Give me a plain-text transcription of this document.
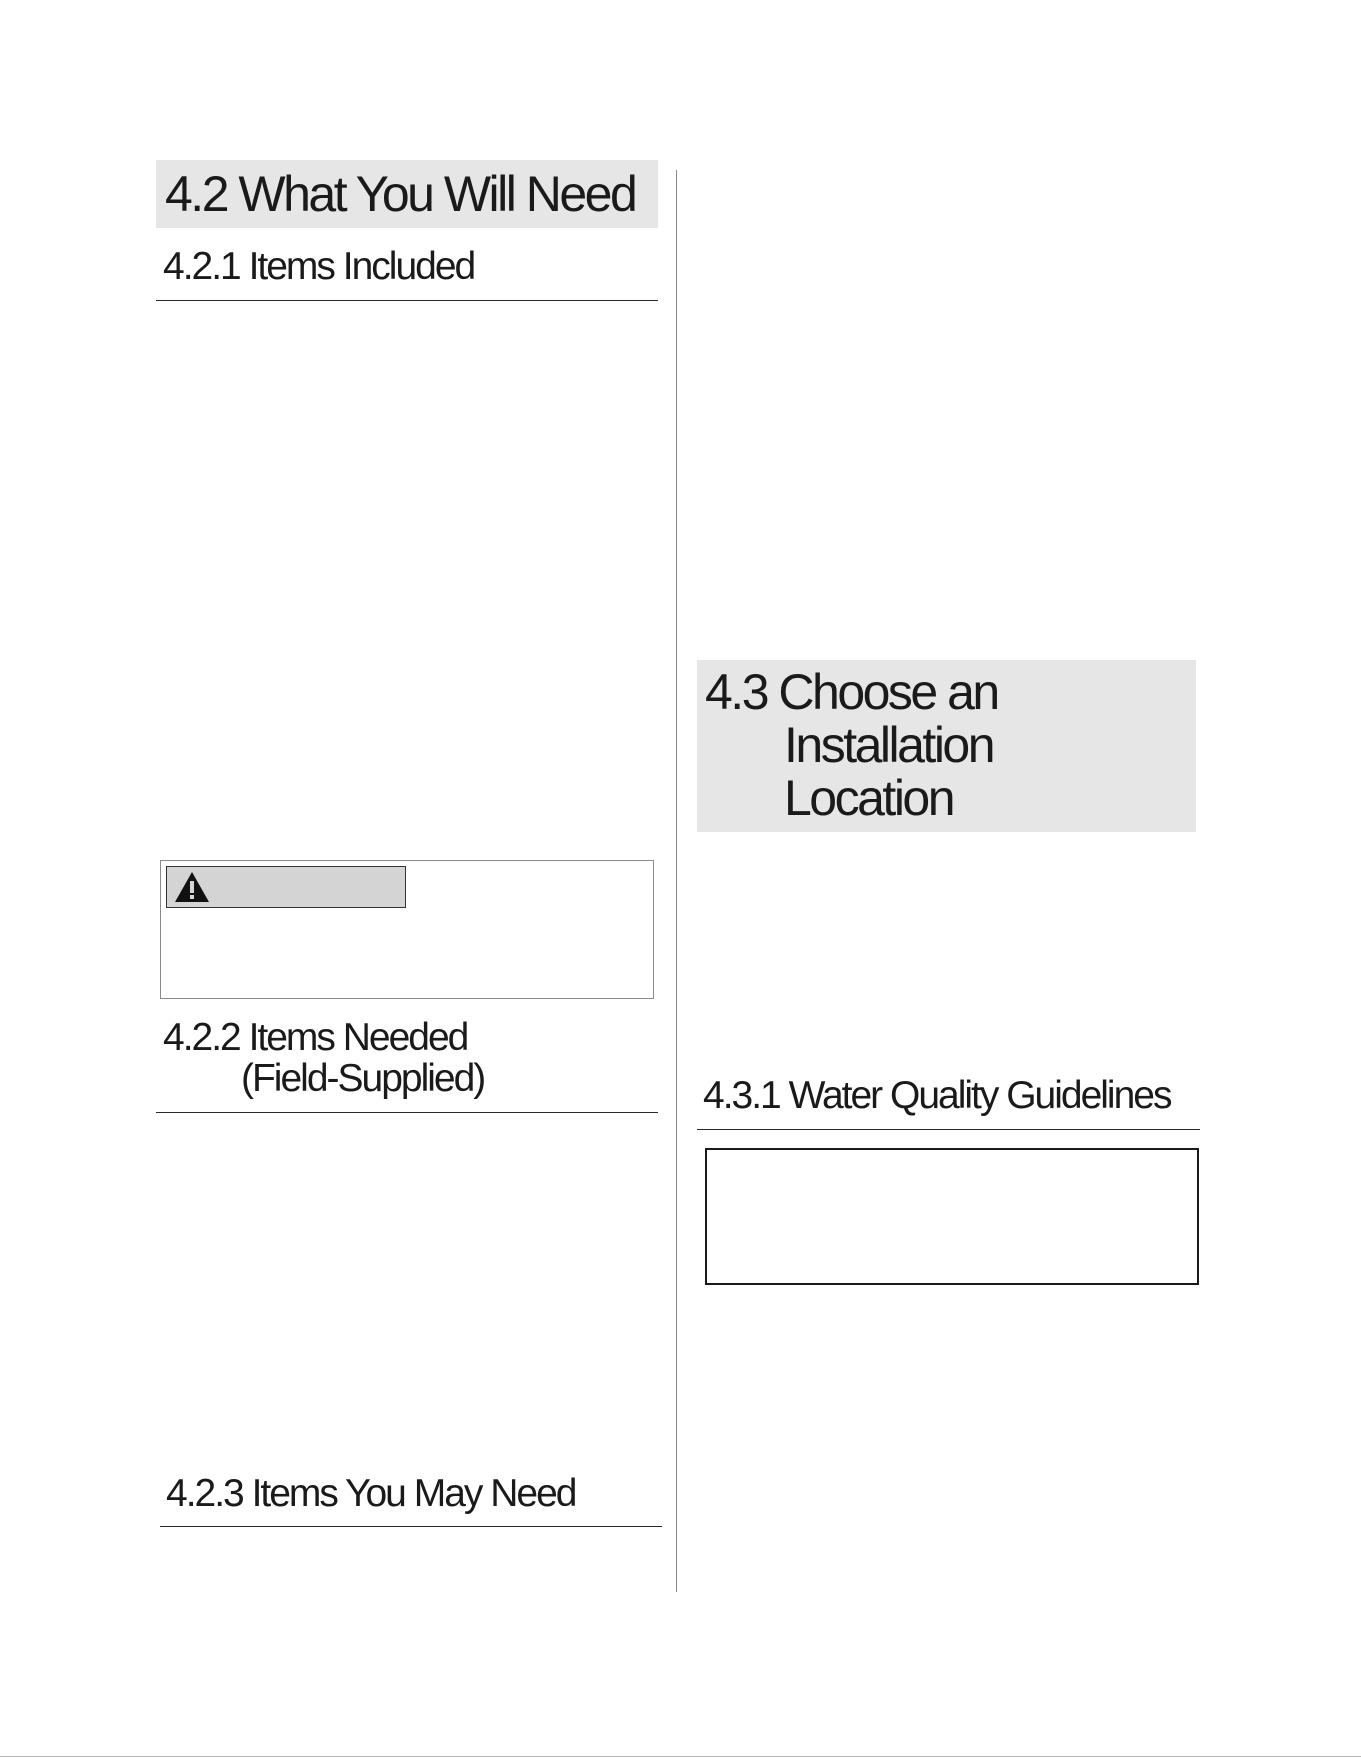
4.2 What You Will Need
4.2.1 Items Included
4.2.2 Items Needed
(Field-Supplied)
4.2.3 Items You May Need
4.3 Choose an
Installation
Location
4.3.1 Water Quality Guidelines
